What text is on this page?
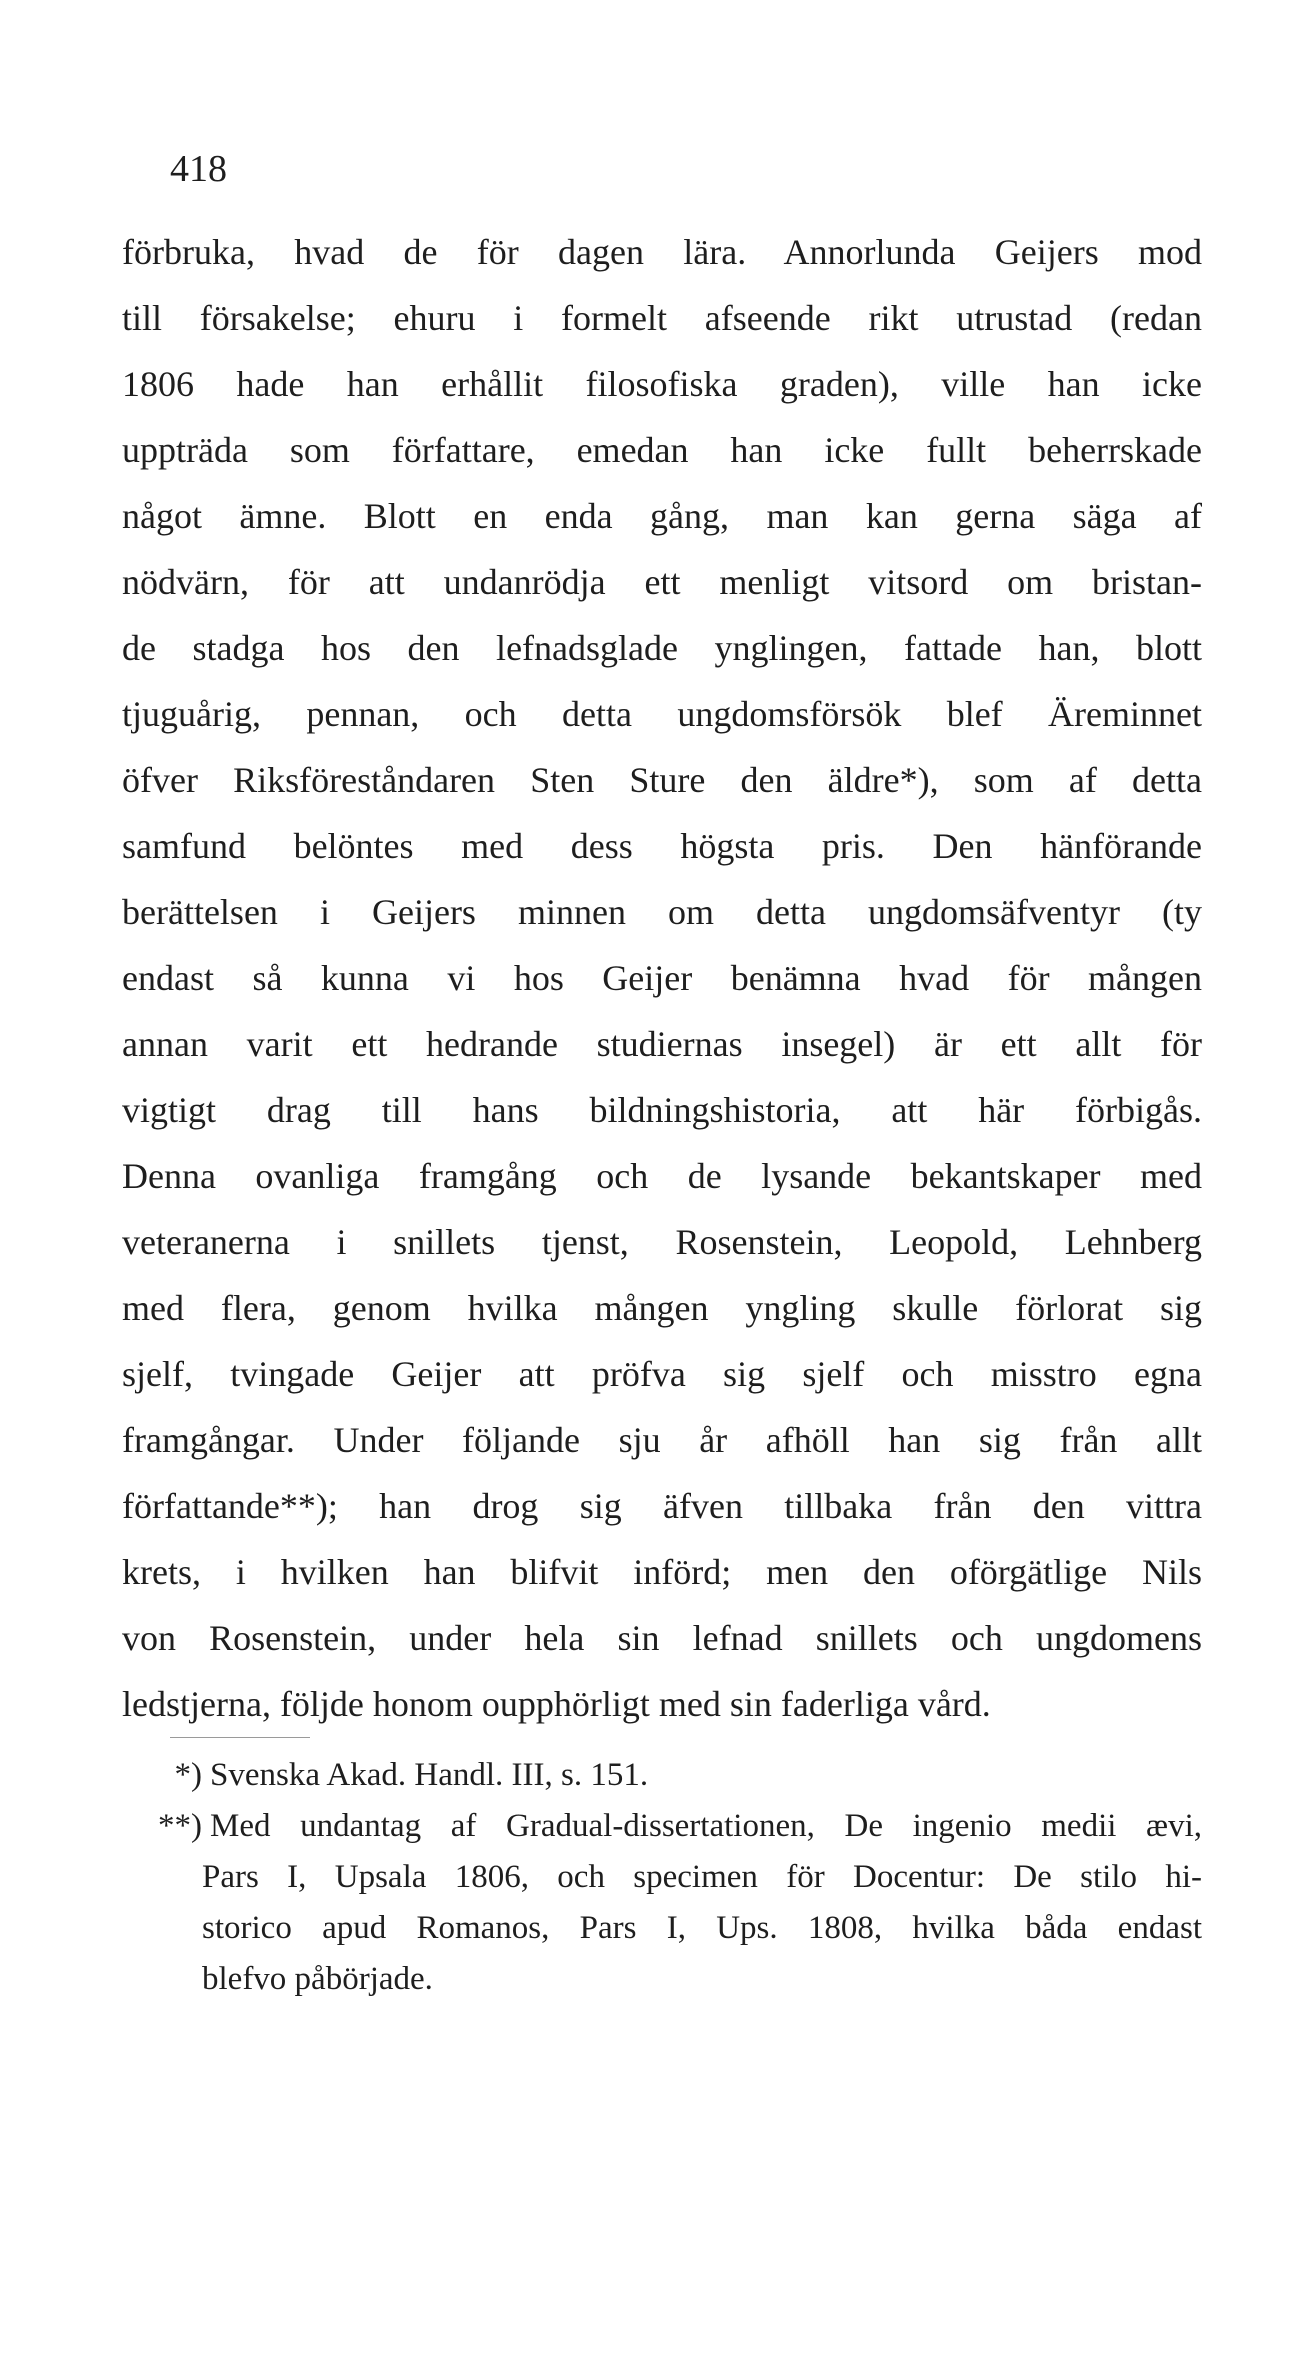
418
förbruka, hvad de för dagen lära. Annorlunda Geijers mod
till försakelse; ehuru i formelt afseende rikt utrustad (redan
1806 hade han erhållit filosofiska graden), ville han icke
uppträda som författare, emedan han icke fullt beherrskade
något ämne. Blott en enda gång, man kan gerna säga af
nödvärn, för att undanrödja ett menligt vitsord om bristan-
de stadga hos den lefnadsglade ynglingen, fattade han, blott
tjuguårig, pennan, och detta ungdomsförsök blef Äreminnet
öfver Riksföreståndaren Sten Sture den äldre*), som af detta
samfund belöntes med dess högsta pris. Den hänförande
berättelsen i Geijers minnen om detta ungdomsäfventyr (ty
endast så kunna vi hos Geijer benämna hvad för mången
annan varit ett hedrande studiernas insegel) är ett allt för
vigtigt drag till hans bildningshistoria, att här förbigås.
Denna ovanliga framgång och de lysande bekantskaper med
veteranerna i snillets tjenst, Rosenstein, Leopold, Lehnberg
med flera, genom hvilka mången yngling skulle förlorat sig
sjelf, tvingade Geijer att pröfva sig sjelf och misstro egna
framgångar. Under följande sju år afhöll han sig från allt
författande**); han drog sig äfven tillbaka från den vittra
krets, i hvilken han blifvit införd; men den oförgätlige Nils
von Rosenstein, under hela sin lefnad snillets och ungdomens
ledstjerna, följde honom oupphörligt med sin faderliga vård.
*) Svenska Akad. Handl. III, s. 151.
**) Med undantag af Gradual-dissertationen, De ingenio medii ævi,
Pars I, Upsala 1806, och specimen för Docentur: De stilo hi-
storico apud Romanos, Pars I, Ups. 1808, hvilka båda endast
blefvo påbörjade.
